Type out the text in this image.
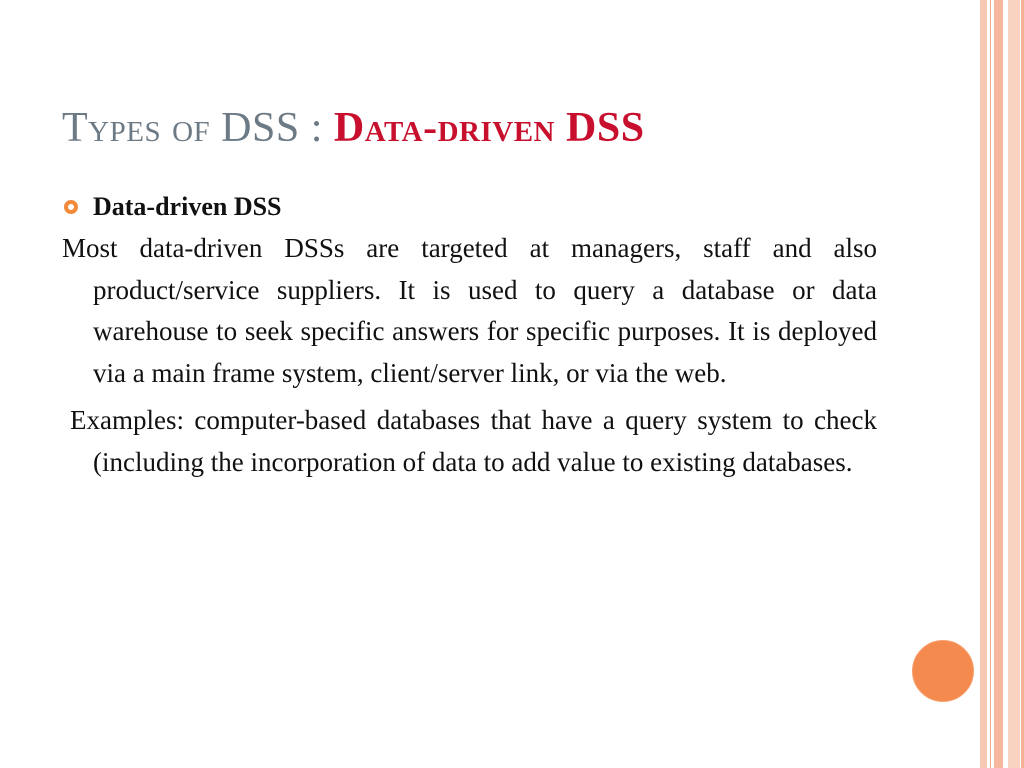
Types of DSS : Data-driven DSS
Data-driven DSS

Most data-driven DSSs are targeted at managers, staff and also product/service suppliers. It is used to query a database or data warehouse to seek specific answers for specific purposes. It is deployed via a main frame system, client/server link, or via the web.

Examples: computer-based databases that have a query system to check (including the incorporation of data to add value to existing databases.
